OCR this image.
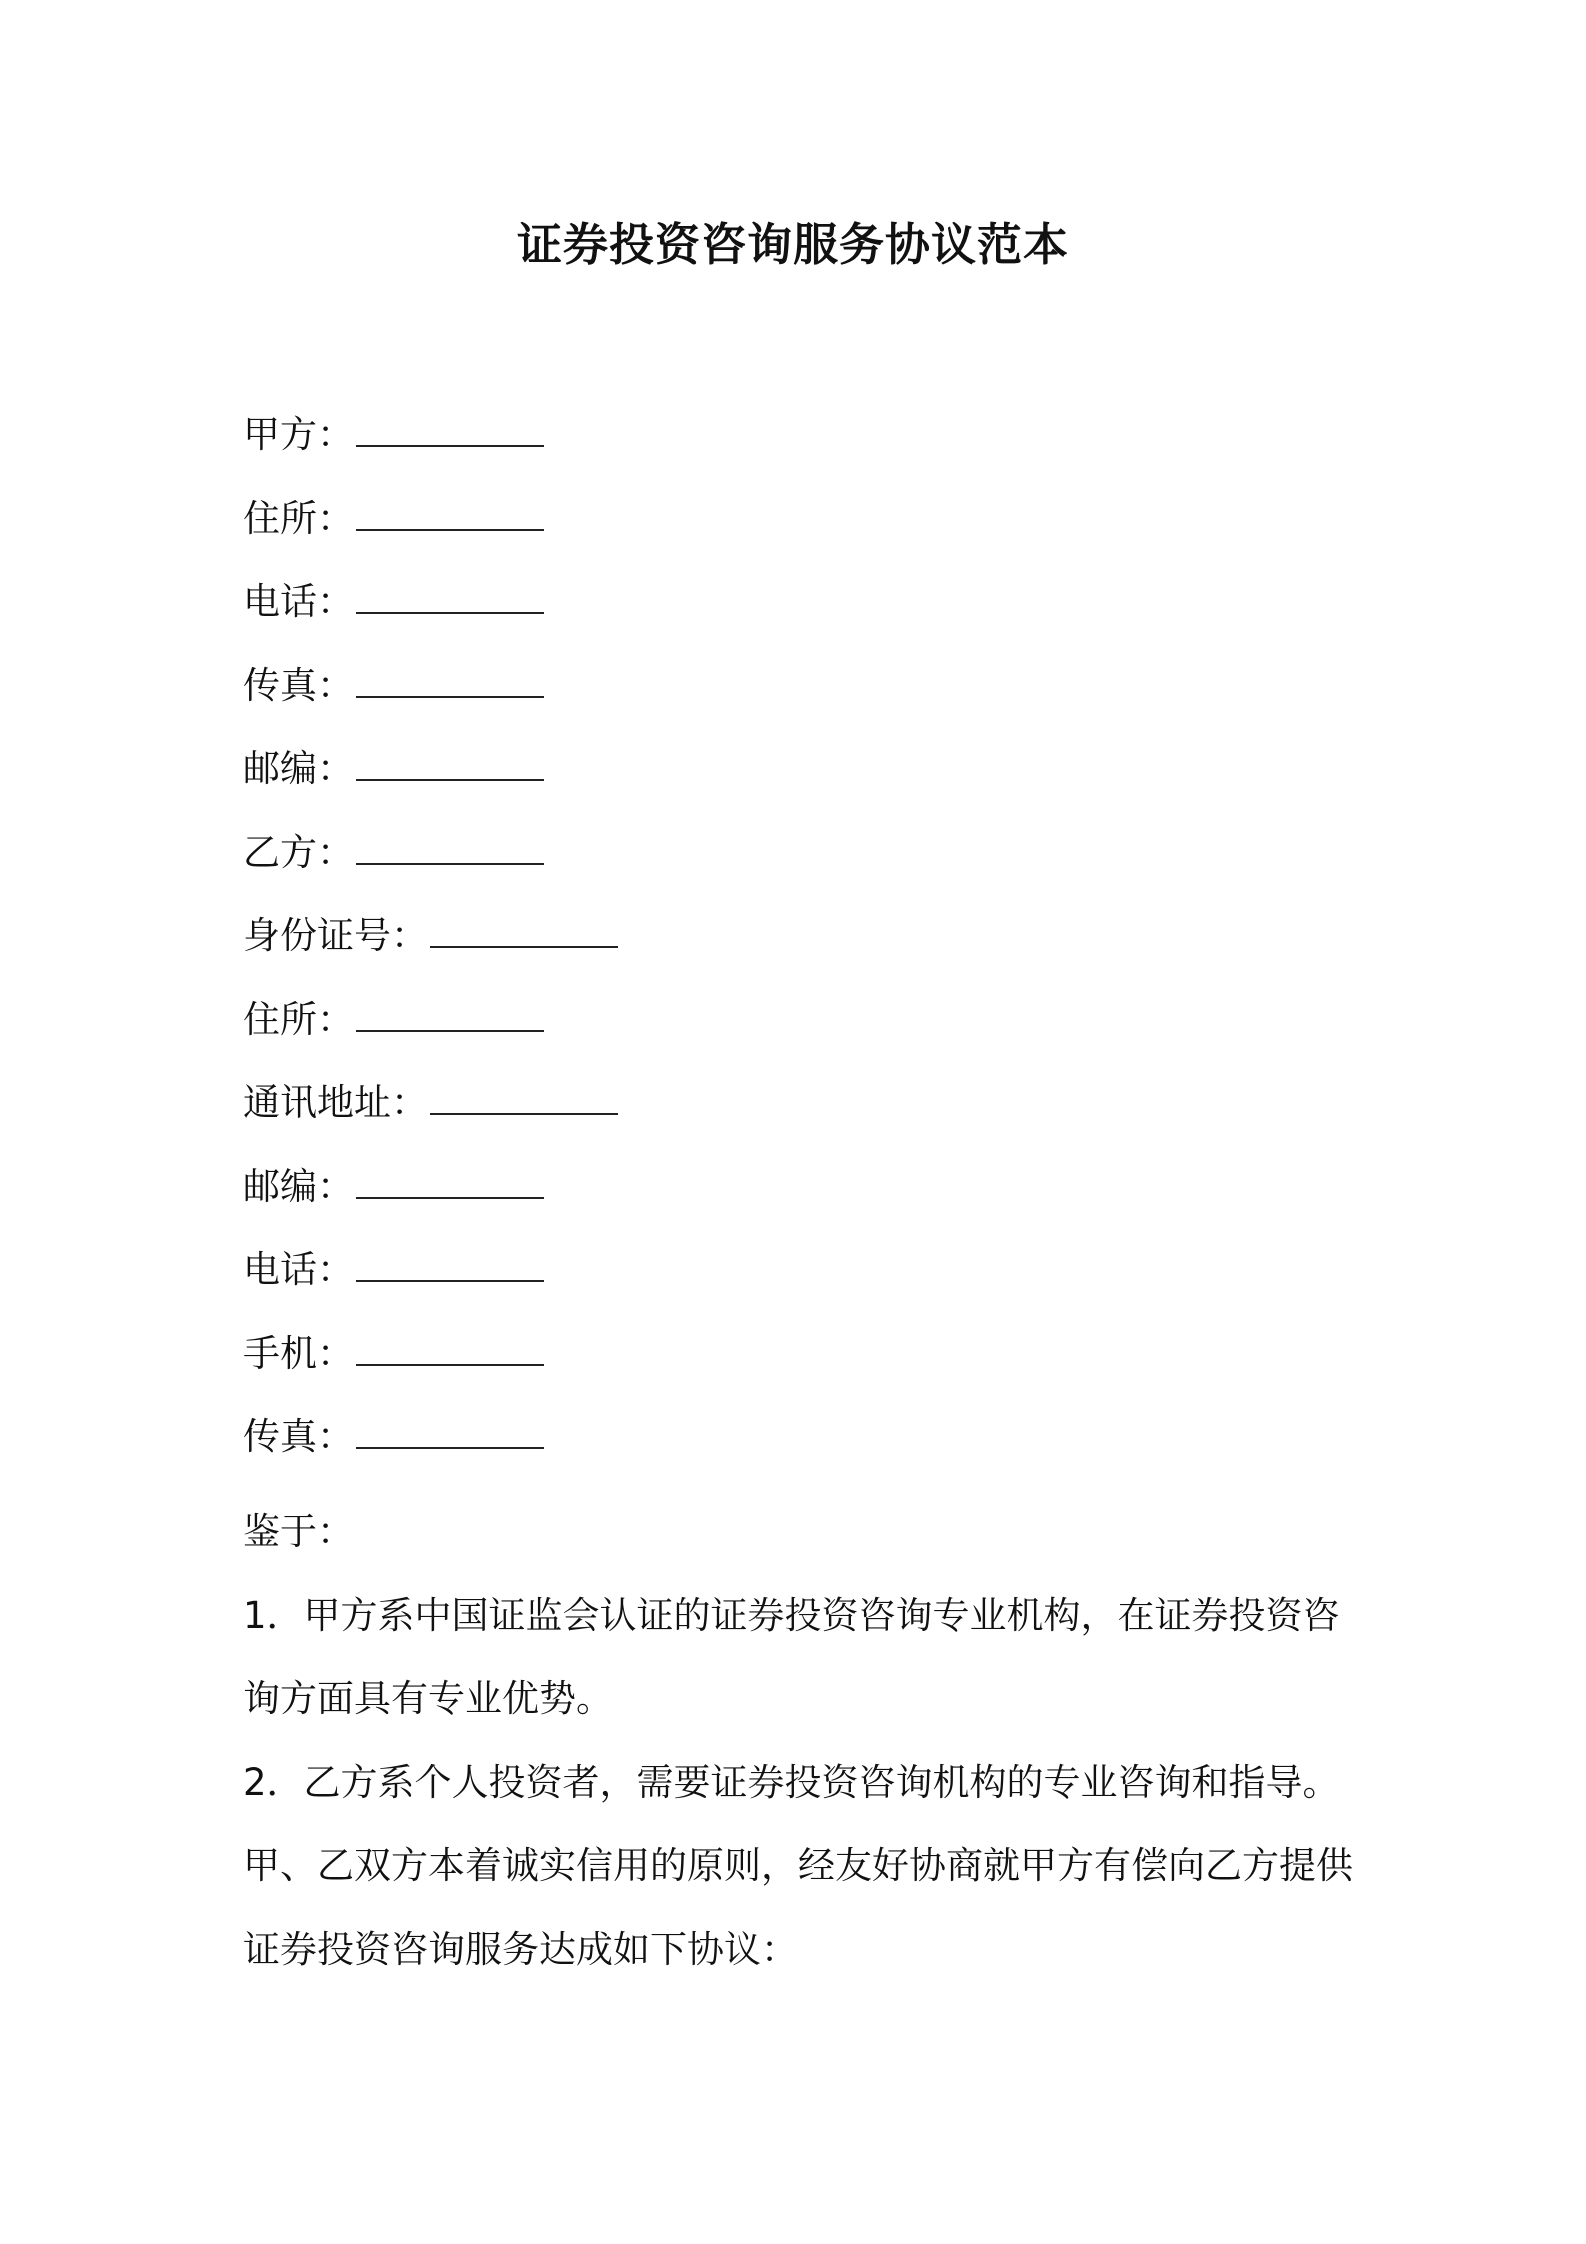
证券投资咨询服务协议范本
甲方：
住所：
电话：
传真：
邮编：
乙方：
身份证号：
住所：
通讯地址：
邮编：
电话：
手机：
传真：

鉴于：

1．甲方系中国证监会认证的证券投资咨询专业机构，在证券投资咨询方面具有专业优势。

2．乙方系个人投资者，需要证券投资咨询机构的专业咨询和指导。

甲、乙双方本着诚实信用的原则，经友好协商就甲方有偿向乙方提供证券投资咨询服务达成如下协议：
